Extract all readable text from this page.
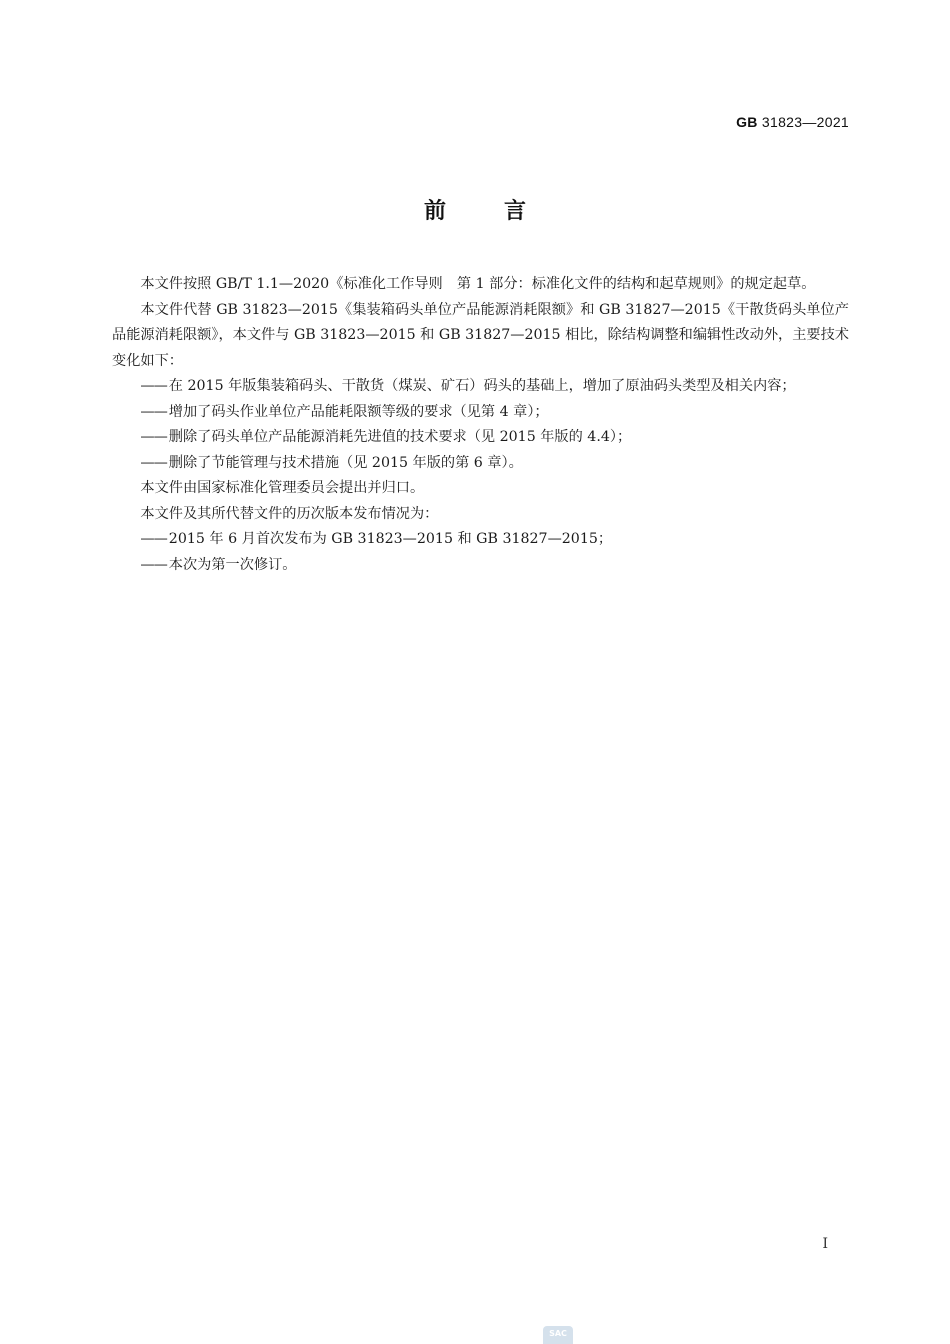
GB 31823—2021
前言

本文件按照 GB/T 1.1—2020《标准化工作导则　第 1 部分：标准化文件的结构和起草规则》的规定起草。

本文件代替 GB 31823—2015《集装箱码头单位产品能源消耗限额》和 GB 31827—2015《干散货码头单位产品能源消耗限额》，本文件与 GB 31823—2015 和 GB 31827—2015 相比，除结构调整和编辑性改动外，主要技术变化如下：

—— 在 2015 年版集装箱码头、干散货（煤炭、矿石）码头的基础上，增加了原油码头类型及相关内容；

—— 增加了码头作业单位产品能耗限额等级的要求（见第 4 章）；

—— 删除了码头单位产品能源消耗先进值的技术要求（见 2015 年版的 4.4）；

—— 删除了节能管理与技术措施（见 2015 年版的第 6 章）。

本文件由国家标准化管理委员会提出并归口。

本文件及其所代替文件的历次版本发布情况为：

—— 2015 年 6 月首次发布为 GB 31823—2015 和 GB 31827—2015；

—— 本次为第一次修订。

I
SAC
